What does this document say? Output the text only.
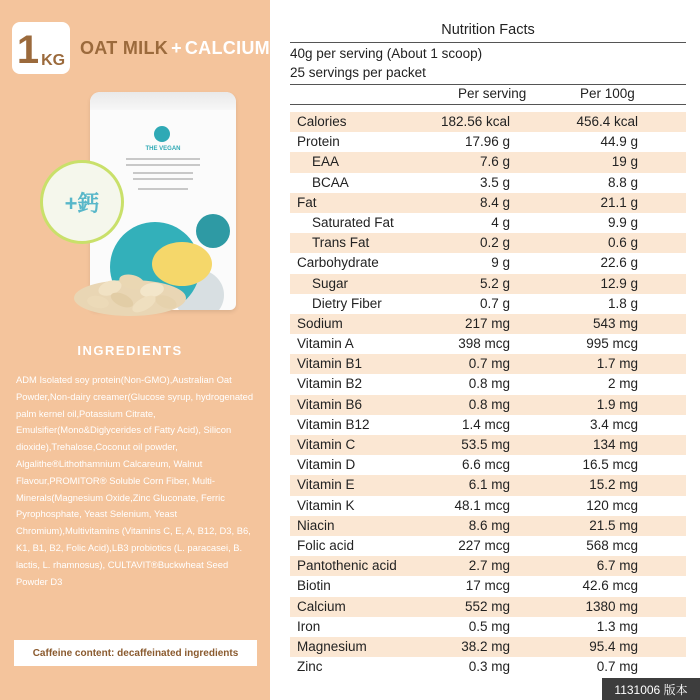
1 KG
OAT MILK + CALCIUM
THE VEGAN
+鈣
INGREDIENTS
ADM Isolated soy protein(Non-GMO),Australian Oat Powder,Non-dairy creamer(Glucose syrup, hydrogenated palm kernel oil,Potassium Citrate, Emulsifier(Mono&Diglycerides of Fatty Acid), Silicon dioxide),Trehalose,Coconut oil powder, Algalithe®Lithothamnium Calcareum, Walnut Flavour,PROMITOR® Soluble Corn Fiber, Multi-Minerals(Magnesium Oxide,Zinc Gluconate, Ferric Pyrophosphate, Yeast Selenium, Yeast Chromium),Multivitamins (Vitamins C, E, A, B12, D3, B6, K1, B1, B2, Folic Acid),LB3 probiotics (L. paracasei, B. lactis, L. rhamnosus), CULTAVIT®Buckwheat Seed Powder D3
Caffeine content: decaffeinated ingredients
Nutrition Facts
40g per serving (About 1 scoop)
25 servings per packet
Per serving	Per 100g
Calories	182.56 kcal	456.4 kcal
Protein	17.96 g	44.9 g
EAA	7.6 g	19 g
BCAA	3.5 g	8.8 g
Fat	8.4 g	21.1 g
Saturated Fat	4 g	9.9 g
Trans Fat	0.2 g	0.6 g
Carbohydrate	9 g	22.6 g
Sugar	5.2 g	12.9 g
Dietry Fiber	0.7 g	1.8 g
Sodium	217 mg	543 mg
Vitamin A	398 mcg	995 mcg
Vitamin B1	0.7 mg	1.7 mg
Vitamin B2	0.8 mg	2 mg
Vitamin B6	0.8 mg	1.9 mg
Vitamin B12	1.4 mcg	3.4 mcg
Vitamin C	53.5 mg	134 mg
Vitamin D	6.6 mcg	16.5 mcg
Vitamin E	6.1 mg	15.2 mg
Vitamin K	48.1 mcg	120 mcg
Niacin	8.6 mg	21.5 mg
Folic acid	227 mcg	568 mcg
Pantothenic acid	2.7 mg	6.7 mg
Biotin	17 mcg	42.6 mcg
Calcium	552 mg	1380 mg
Iron	0.5 mg	1.3 mg
Magnesium	38.2 mg	95.4 mg
Zinc	0.3 mg	0.7 mg
1131006 版本
